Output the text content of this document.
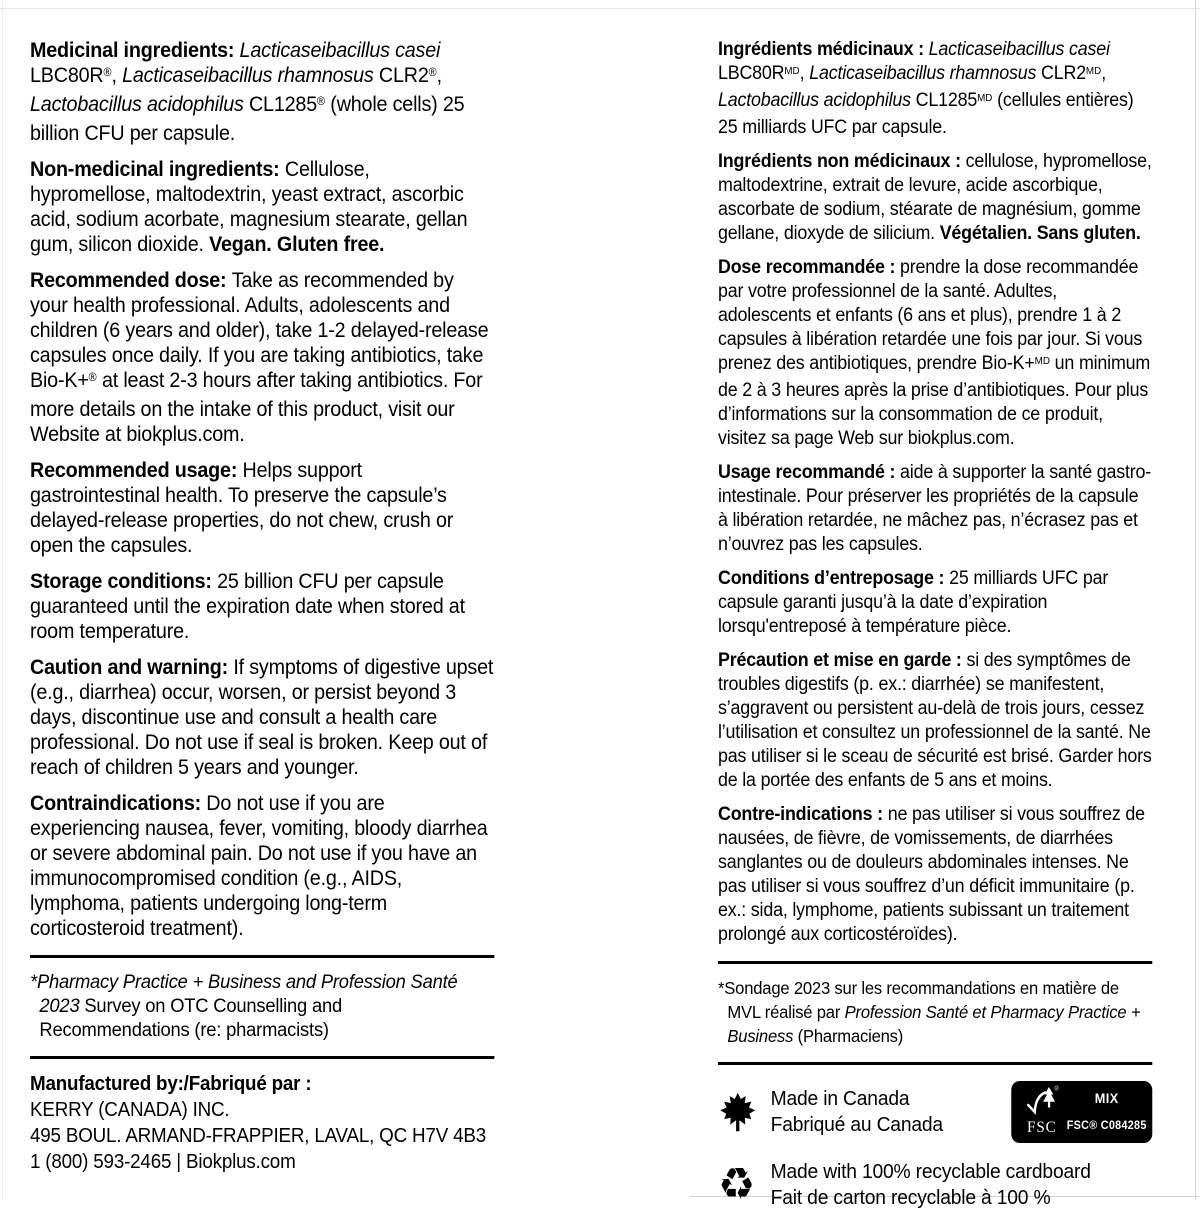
Medicinal ingredients: Lacticaseibacillus casei LBC80R®, Lacticaseibacillus rhamnosus CLR2®, Lactobacillus acidophilus CL1285® (whole cells) 25 billion CFU per capsule.

Non-medicinal ingredients: Cellulose, hypromellose, maltodextrin, yeast extract, ascorbic acid, sodium acorbate, magnesium stearate, gellan gum, silicon dioxide. Vegan. Gluten free.

Recommended dose: Take as recommended by your health professional. Adults, adolescents and children (6 years and older), take 1-2 delayed-release capsules once daily. If you are taking antibiotics, take Bio-K+® at least 2-3 hours after taking antibiotics. For more details on the intake of this product, visit our Website at biokplus.com.

Recommended usage: Helps support gastrointestinal health. To preserve the capsule’s delayed-release properties, do not chew, crush or open the capsules.

Storage conditions: 25 billion CFU per capsule guaranteed until the expiration date when stored at room temperature.

Caution and warning: If symptoms of digestive upset (e.g., diarrhea) occur, worsen, or persist beyond 3 days, discontinue use and consult a health care professional. Do not use if seal is broken. Keep out of reach of children 5 years and younger.

Contraindications: Do not use if you are experiencing nausea, fever, vomiting, bloody diarrhea or severe abdominal pain. Do not use if you have an immunocompromised condition (e.g., AIDS, lymphoma, patients undergoing long-term corticosteroid treatment).

*Pharmacy Practice + Business and Profession Santé 2023 Survey on OTC Counselling and Recommendations (re: pharmacists)

Manufactured by:/Fabriqué par :
KERRY (CANADA) INC.
495 BOUL. ARMAND-FRAPPIER, LAVAL, QC H7V 4B3
1 (800) 593-2465 | Biokplus.com

Ingrédients médicinaux : Lacticaseibacillus casei $LBC80R^{MD}$, Lacticaseibacillus rhamnosus $CLR2^{MD}$, Lactobacillus acidophilus $CL1285^{MD}$ (cellules entières) 25 milliards UFC par capsule.

Ingrédients non médicinaux : cellulose, hypromellose, maltodextrine, extrait de levure, acide ascorbique, ascorbate de sodium, stéarate de magnésium, gomme gellane, dioxyde de silicium. Végétalien. Sans gluten.

Dose recommandée : prendre la dose recommandée par votre professionnel de la santé. Adultes, adolescents et enfants (6 ans et plus), prendre 1 à 2 capsules à libération retardée une fois par jour. Si vous prenez des antibiotiques, prendre Bio-K+$^{MD}$ un minimum de 2 à 3 heures après la prise d’antibiotiques. Pour plus d’informations sur la consommation de ce produit, visitez sa page Web sur biokplus.com.

Usage recommandé : aide à supporter la santé gastro-intestinale. Pour préserver les propriétés de la capsule à libération retardée, ne mâchez pas, n’écrasez pas et n’ouvrez pas les capsules.

Conditions d’entreposage : 25 milliards UFC par capsule garanti jusqu’à la date d’expiration lorsqu'entreposé à température pièce.

Précaution et mise en garde : si des symptômes de troubles digestifs (p. ex.: diarrhée) se manifestent, s’aggravent ou persistent au-delà de trois jours, cessez l’utilisation et consultez un professionnel de la santé. Ne pas utiliser si le sceau de sécurité est brisé. Garder hors de la portée des enfants de 5 ans et moins.

Contre-indications : ne pas utiliser si vous souffrez de nausées, de fièvre, de vomissements, de diarrhées sanglantes ou de douleurs abdominales intenses. Ne pas utiliser si vous souffrez d’un déficit immunitaire (p. ex.: sida, lymphome, patients subissant un traitement prolongé aux corticostéroïdes).

*Sondage 2023 sur les recommandations en matière de MVL réalisé par Profession Santé et Pharmacy Practice + Business (Pharmaciens)

Made in Canada
Fabriqué au Canada
®
FSC
MIX
FSC® C084285
♻ Made with 100% recyclable cardboard
Fait de carton recyclable à 100 %
